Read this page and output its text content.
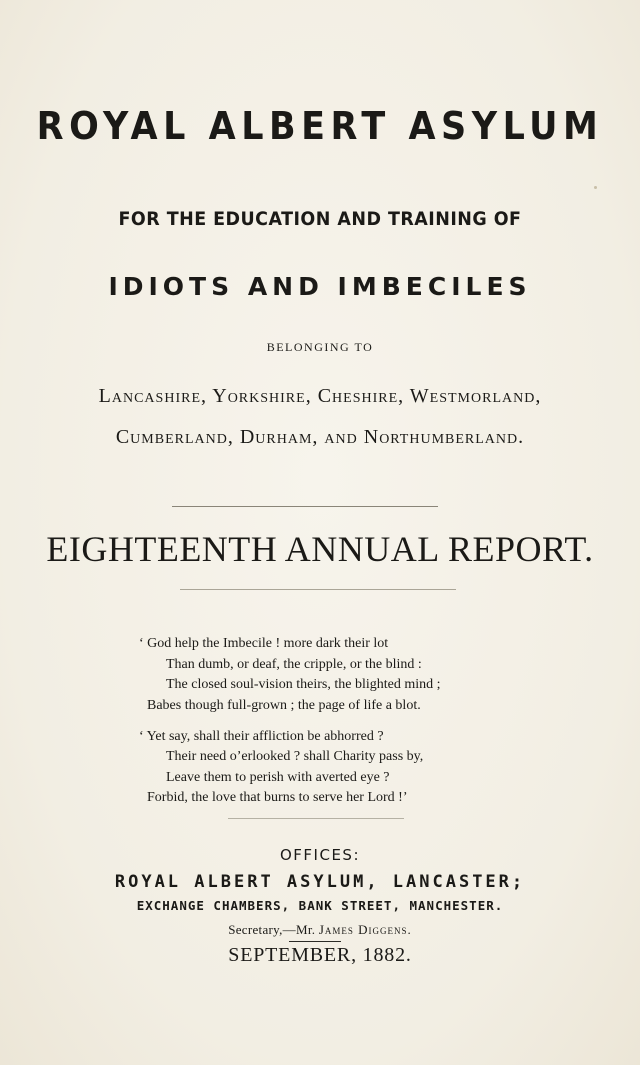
ROYAL ALBERT ASYLUM
FOR THE EDUCATION AND TRAINING OF
IDIOTS AND IMBECILES
BELONGING TO
Lancashire, Yorkshire, Cheshire, Westmorland,
Cumberland, Durham, and Northumberland.
EIGHTEENTH ANNUAL REPORT.
‘ God help the Imbecile ! more dark their lot
Than dumb, or deaf, the cripple, or the blind :
The closed soul-vision theirs, the blighted mind ;
Babes though full-grown ; the page of life a blot.
‘ Yet say, shall their affliction be abhorred ?
Their need o’erlooked ? shall Charity pass by,
Leave them to perish with averted eye ?
Forbid, the love that burns to serve her Lord !’
OFFICES:
ROYAL ALBERT ASYLUM, LANCASTER;
EXCHANGE CHAMBERS, BANK STREET, MANCHESTER.
Secretary,—Mr. James Diggens.
SEPTEMBER, 1882.
